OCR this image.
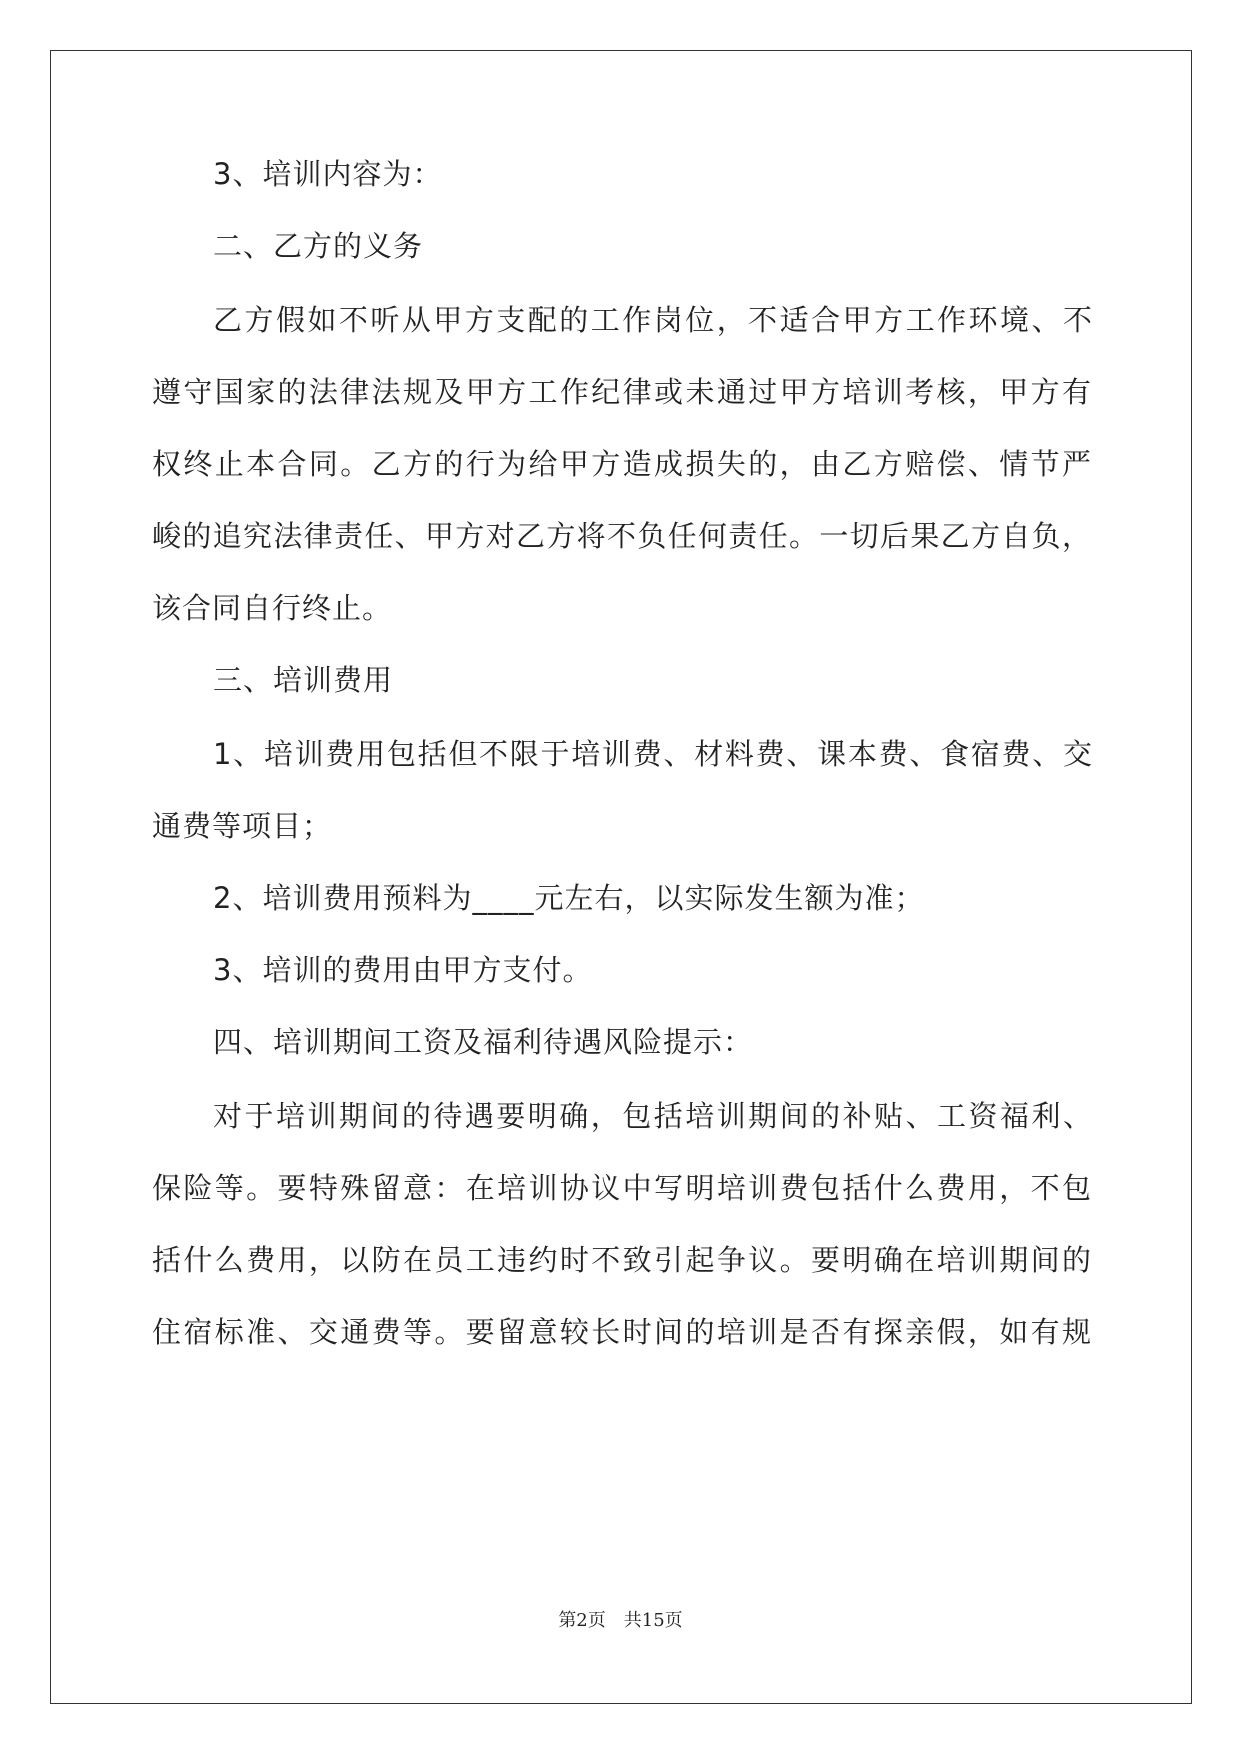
3、培训内容为：

二、乙方的义务

乙方假如不听从甲方支配的工作岗位，不适合甲方工作环境、不

遵守国家的法律法规及甲方工作纪律或未通过甲方培训考核，甲方有

权终止本合同。乙方的行为给甲方造成损失的，由乙方赔偿、情节严

峻的追究法律责任、甲方对乙方将不负任何责任。一切后果乙方自负，

该合同自行终止。

三、培训费用

1、培训费用包括但不限于培训费、材料费、课本费、食宿费、交

通费等项目；

2、培训费用预料为____元左右，以实际发生额为准；

3、培训的费用由甲方支付。

四、培训期间工资及福利待遇风险提示：

对于培训期间的待遇要明确，包括培训期间的补贴、工资福利、

保险等。要特殊留意：在培训协议中写明培训费包括什么费用，不包

括什么费用，以防在员工违约时不致引起争议。要明确在培训期间的

住宿标准、交通费等。要留意较长时间的培训是否有探亲假，如有规

第2页　共15页
